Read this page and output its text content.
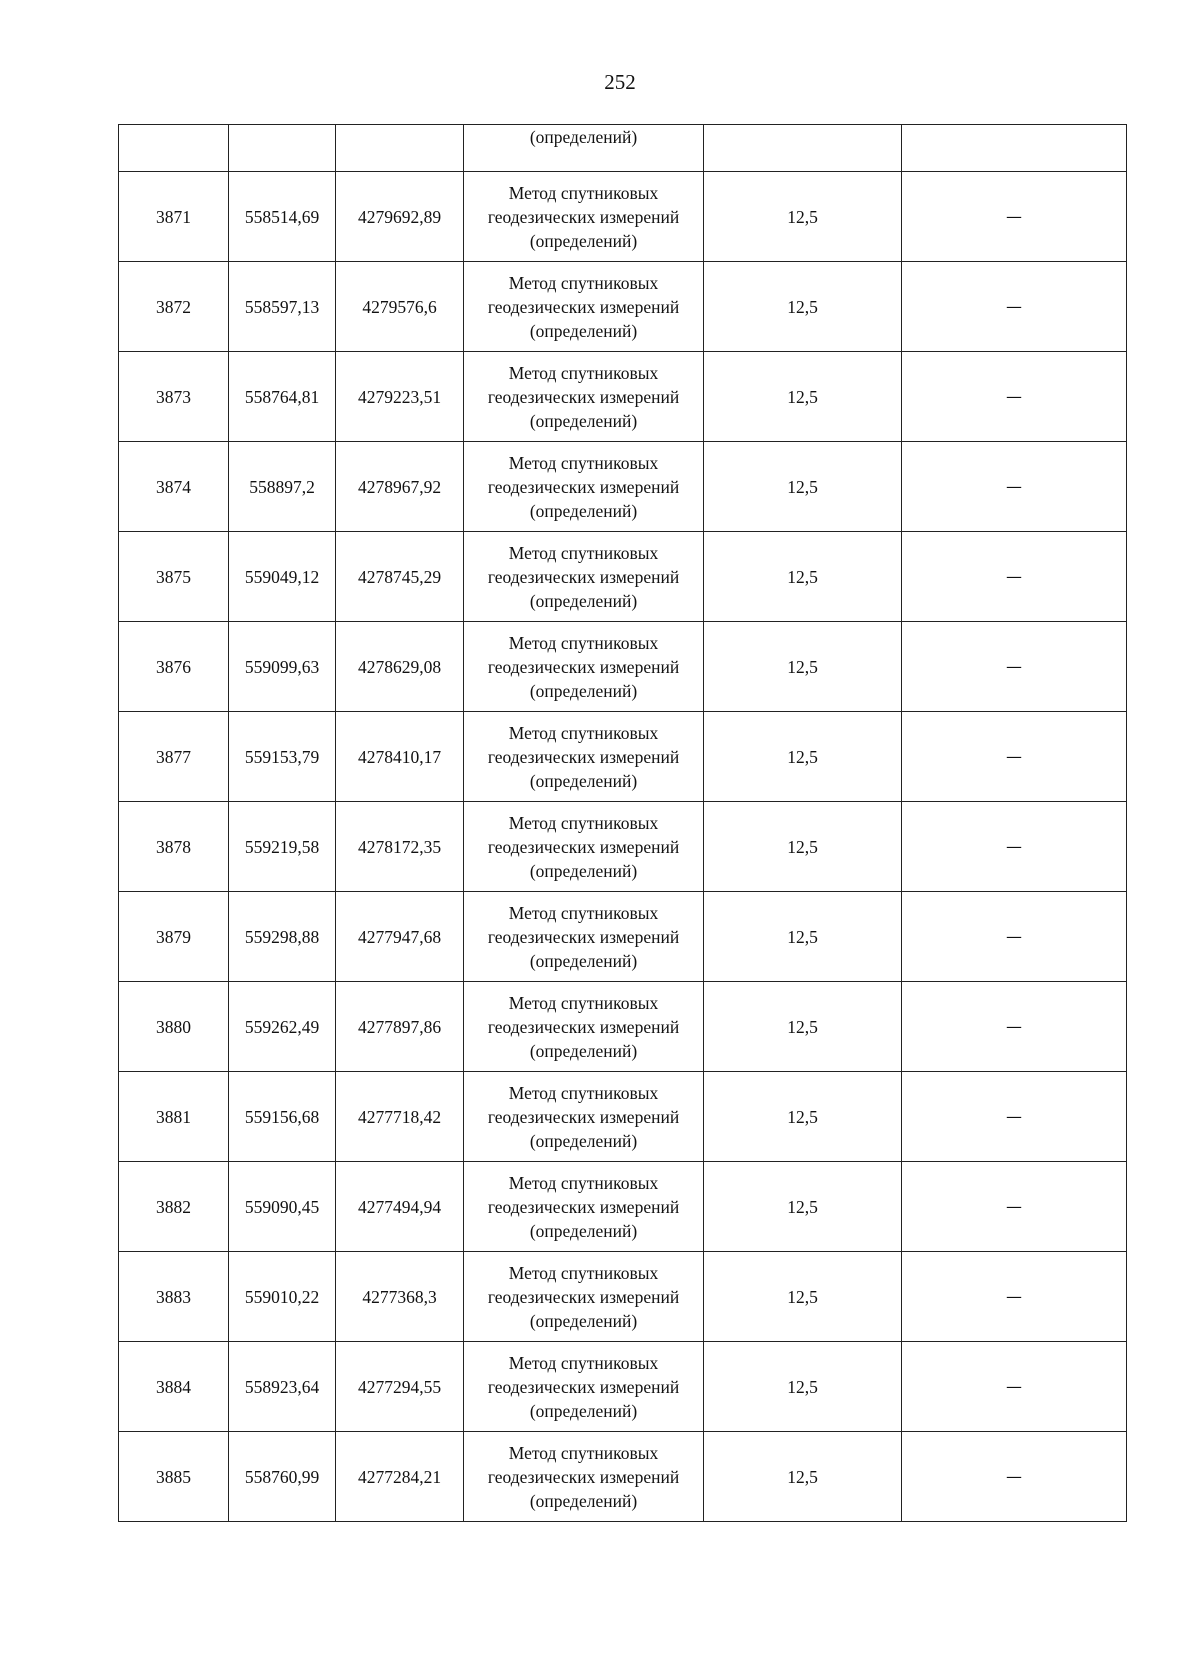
252
			(определений)		
3871	558514,69	4279692,89	Метод спутниковых
геодезических измерений
(определений)	12,5	—
3872	558597,13	4279576,6	Метод спутниковых
геодезических измерений
(определений)	12,5	—
3873	558764,81	4279223,51	Метод спутниковых
геодезических измерений
(определений)	12,5	—
3874	558897,2	4278967,92	Метод спутниковых
геодезических измерений
(определений)	12,5	—
3875	559049,12	4278745,29	Метод спутниковых
геодезических измерений
(определений)	12,5	—
3876	559099,63	4278629,08	Метод спутниковых
геодезических измерений
(определений)	12,5	—
3877	559153,79	4278410,17	Метод спутниковых
геодезических измерений
(определений)	12,5	—
3878	559219,58	4278172,35	Метод спутниковых
геодезических измерений
(определений)	12,5	—
3879	559298,88	4277947,68	Метод спутниковых
геодезических измерений
(определений)	12,5	—
3880	559262,49	4277897,86	Метод спутниковых
геодезических измерений
(определений)	12,5	—
3881	559156,68	4277718,42	Метод спутниковых
геодезических измерений
(определений)	12,5	—
3882	559090,45	4277494,94	Метод спутниковых
геодезических измерений
(определений)	12,5	—
3883	559010,22	4277368,3	Метод спутниковых
геодезических измерений
(определений)	12,5	—
3884	558923,64	4277294,55	Метод спутниковых
геодезических измерений
(определений)	12,5	—
3885	558760,99	4277284,21	Метод спутниковых
геодезических измерений
(определений)	12,5	—
